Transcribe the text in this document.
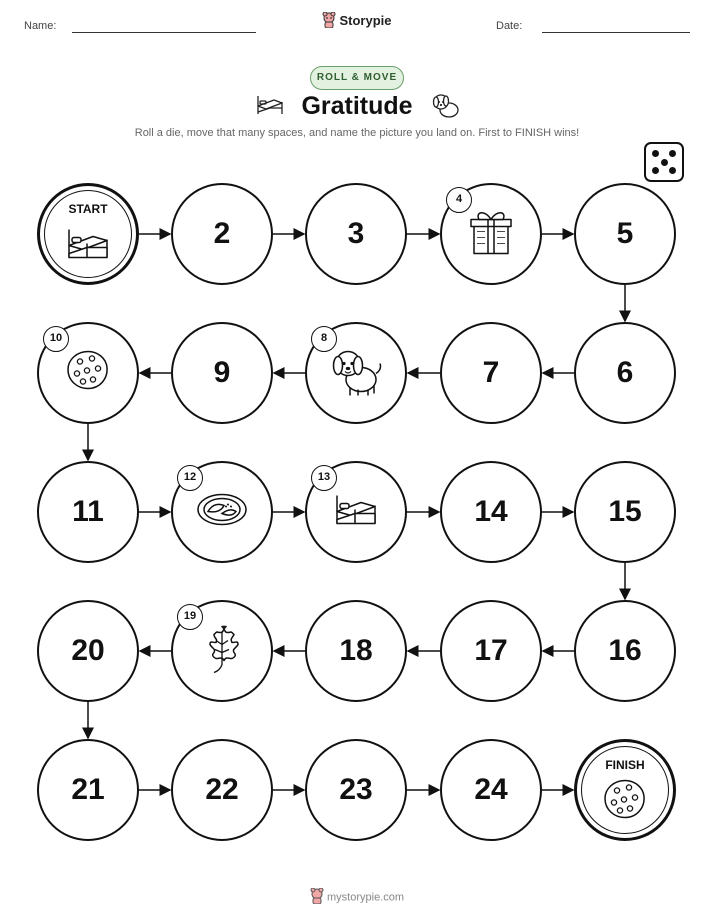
Name:	Storypie	Date:
ROLL & MOVE
Gratitude
Roll a die, move that many spaces, and name the picture you land on. First to FINISH wins!
START
2	3
4
5
6
7
8
9
10
11
12	13
14	15
16
17
18
19
20
21	22	23	24
FINISH
mystorypie.com
